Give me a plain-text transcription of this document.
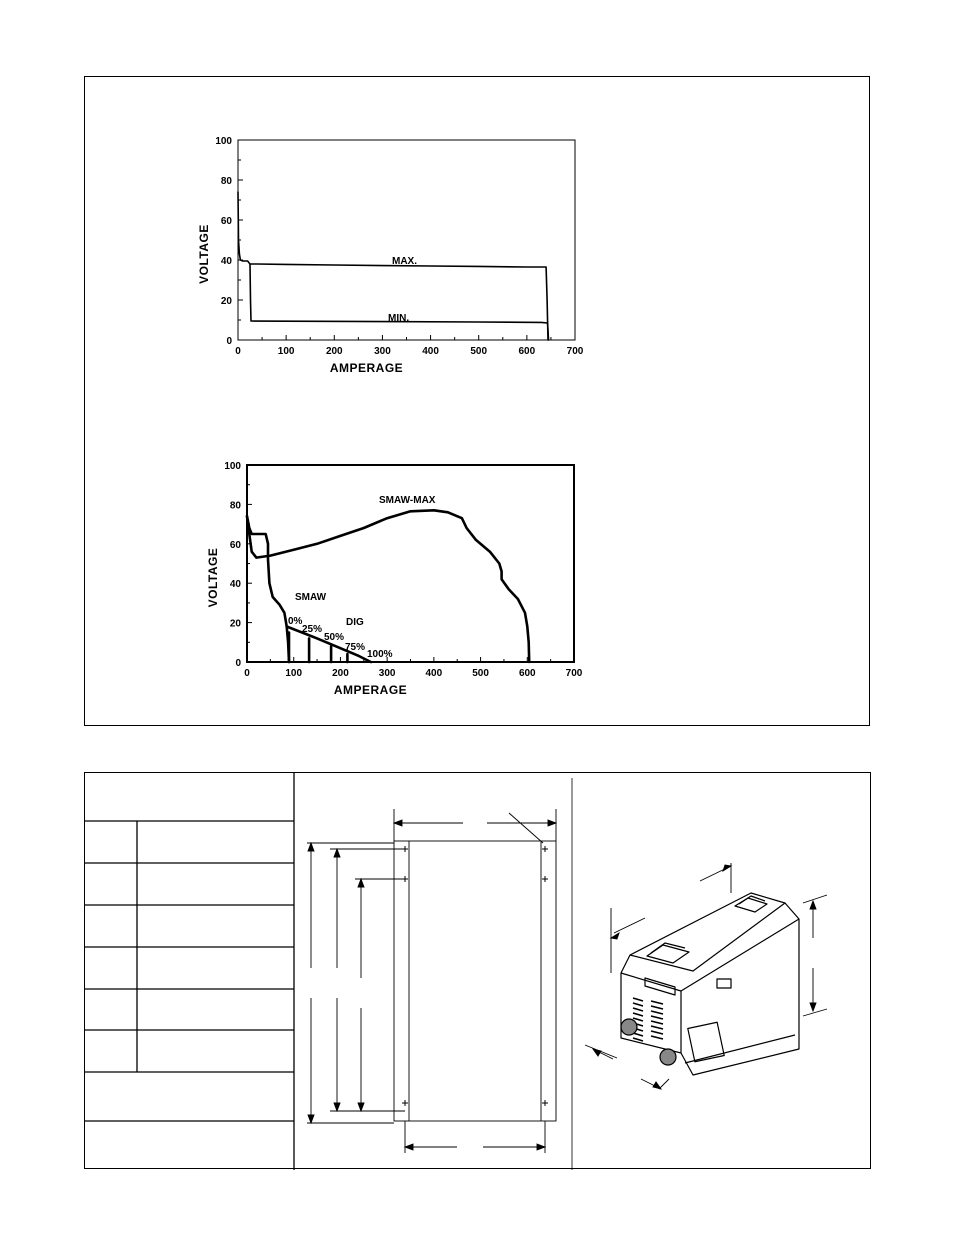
0	100	200	300	400	500	600	700
0
20
40
60
80
100
AMPERAGE
VOLTAGE	MAX.
MIN.
0	100	200	300	400	500	600	700
0
20
40
60
80
100
AMPERAGE
VOLTAGE
SMAW-MAX
SMAW
DIG
0%
25%
50%
75%
100%
